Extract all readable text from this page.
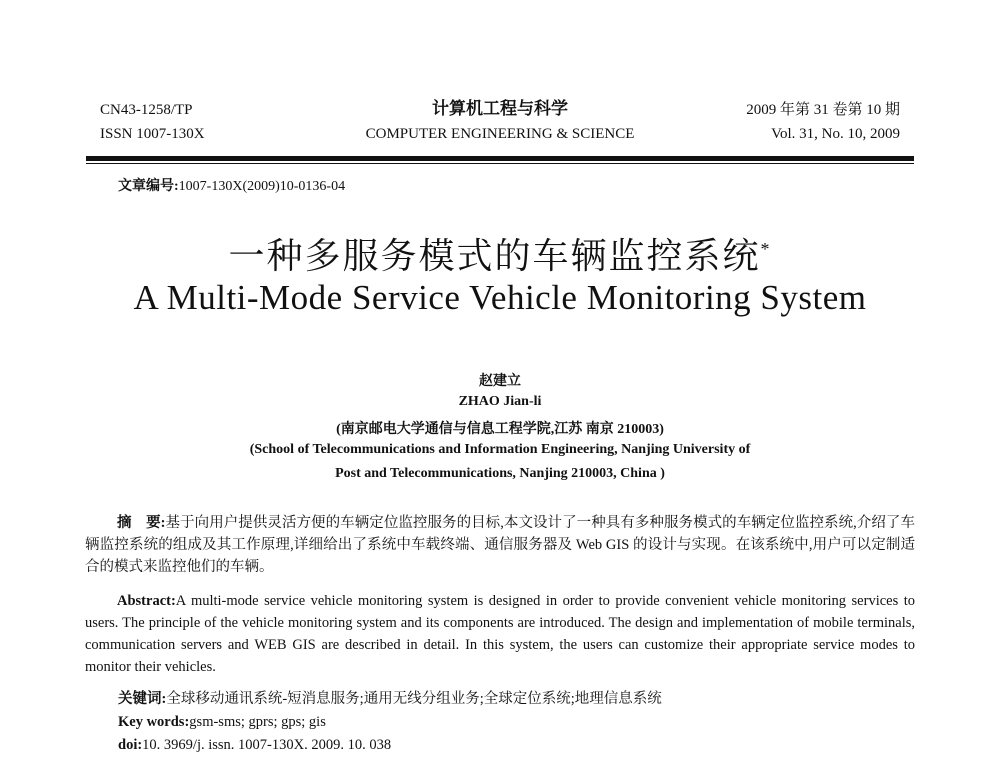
CN43-1258/TP
ISSN 1007-130X
计算机工程与科学
COMPUTER ENGINEERING & SCIENCE
2009 年第 31 卷第 10 期
Vol. 31, No. 10, 2009
文章编号:1007-130X(2009)10-0136-04
一种多服务模式的车辆监控系统*
A Multi-Mode Service Vehicle Monitoring System
赵建立
ZHAO Jian-li
(南京邮电大学通信与信息工程学院,江苏 南京 210003)
(School of Telecommunications and Information Engineering, Nanjing University of
Post and Telecommunications, Nanjing 210003, China )
摘　要:基于向用户提供灵活方便的车辆定位监控服务的目标,本文设计了一种具有多种服务模式的车辆定位监控系统,介绍了车辆监控系统的组成及其工作原理,详细给出了系统中车载终端、通信服务器及 Web GIS 的设计与实现。在该系统中,用户可以定制适合的模式来监控他们的车辆。
Abstract:A multi-mode service vehicle monitoring system is designed in order to provide convenient vehicle monitoring services to users. The principle of the vehicle monitoring system and its components are introduced. The design and implementation of mobile terminals, communication servers and WEB GIS are described in detail. In this system, the users can customize their appropriate service modes to monitor their vehicles.
关键词:全球移动通讯系统-短消息服务;通用无线分组业务;全球定位系统;地理信息系统
Key words:gsm-sms; gprs; gps; gis
doi:10. 3969/j. issn. 1007-130X. 2009. 10. 038
